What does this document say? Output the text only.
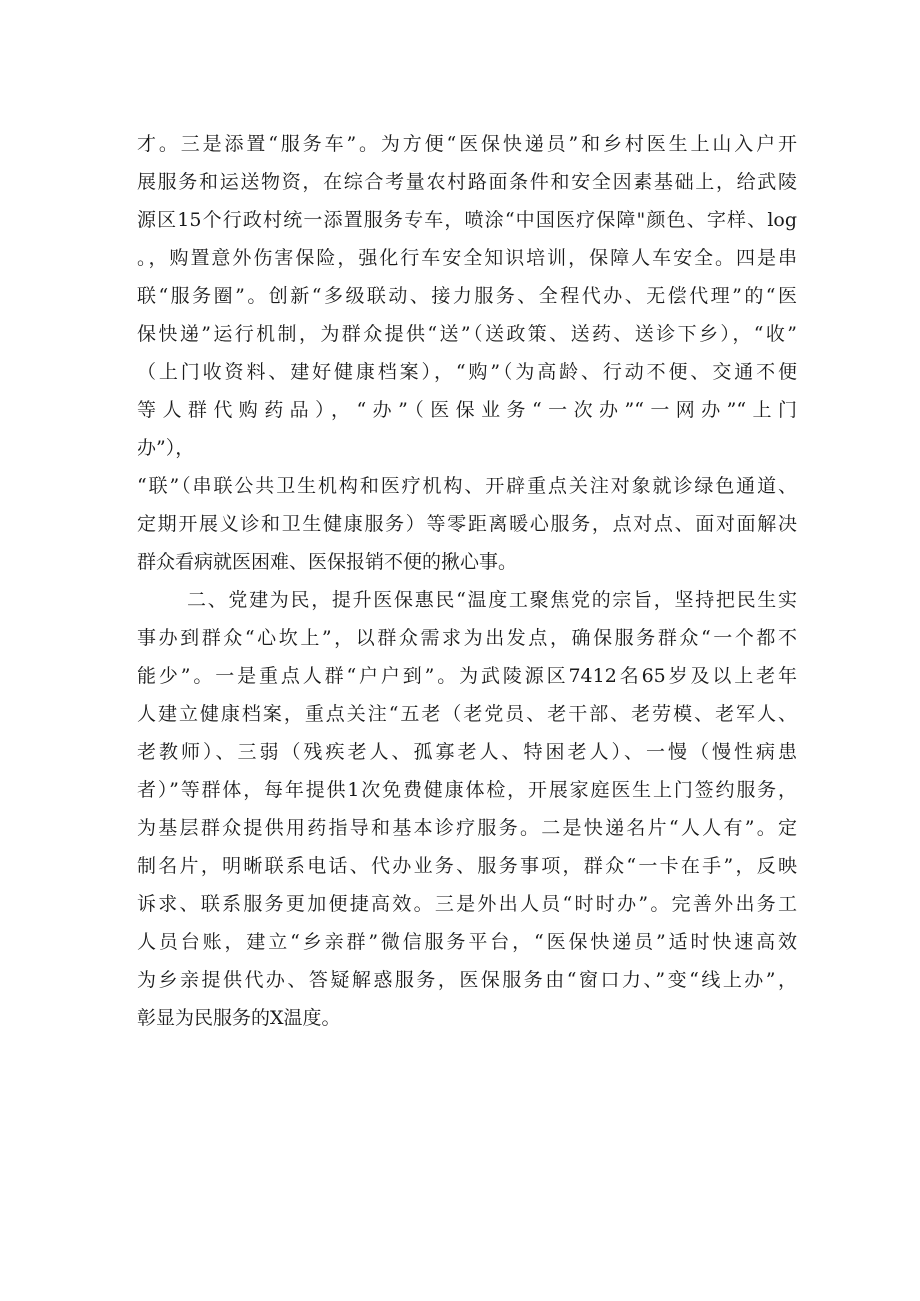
才。三是添置“服务车”。为方便“医保快递员”和乡村医生上山入户开
展服务和运送物资，在综合考量农村路面条件和安全因素基础上，给武陵
源区15个行政村统一添置服务专车，喷涂“中国医疗保障"颜色、字样、log
。，购置意外伤害保险，强化行车安全知识培训，保障人车安全。四是串
联“服务圈”。创新“多级联动、接力服务、全程代办、无偿代理”的“医
保快递”运行机制，为群众提供“送”（送政策、送药、送诊下乡），“收”
（上门收资料、建好健康档案），“购”（为高龄、行动不便、交通不便
等人群代购药品），“办”（医保业务“一次办”“一网办”“上门
办”），
“联”（串联公共卫生机构和医疗机构、开辟重点关注对象就诊绿色通道、
定期开展义诊和卫生健康服务）等零距离暖心服务，点对点、面对面解决
群众看病就医困难、医保报销不便的揪心事。
二、党建为民，提升医保惠民“温度工聚焦党的宗旨，坚持把民生实
事办到群众“心坎上”，以群众需求为出发点，确保服务群众“一个都不
能少”。一是重点人群“户户到”。为武陵源区7412名65岁及以上老年
人建立健康档案，重点关注“五老（老党员、老干部、老劳模、老军人、
老教师）、三弱（残疾老人、孤寡老人、特困老人）、一慢（慢性病患
者）”等群体，每年提供1次免费健康体检，开展家庭医生上门签约服务，
为基层群众提供用药指导和基本诊疗服务。二是快递名片“人人有”。定
制名片，明晰联系电话、代办业务、服务事项，群众“一卡在手”，反映
诉求、联系服务更加便捷高效。三是外出人员“时时办”。完善外出务工
人员台账，建立“乡亲群”微信服务平台，“医保快递员”适时快速高效
为乡亲提供代办、答疑解惑服务，医保服务由“窗口力、”变“线上办”，
彰显为民服务的X温度。
